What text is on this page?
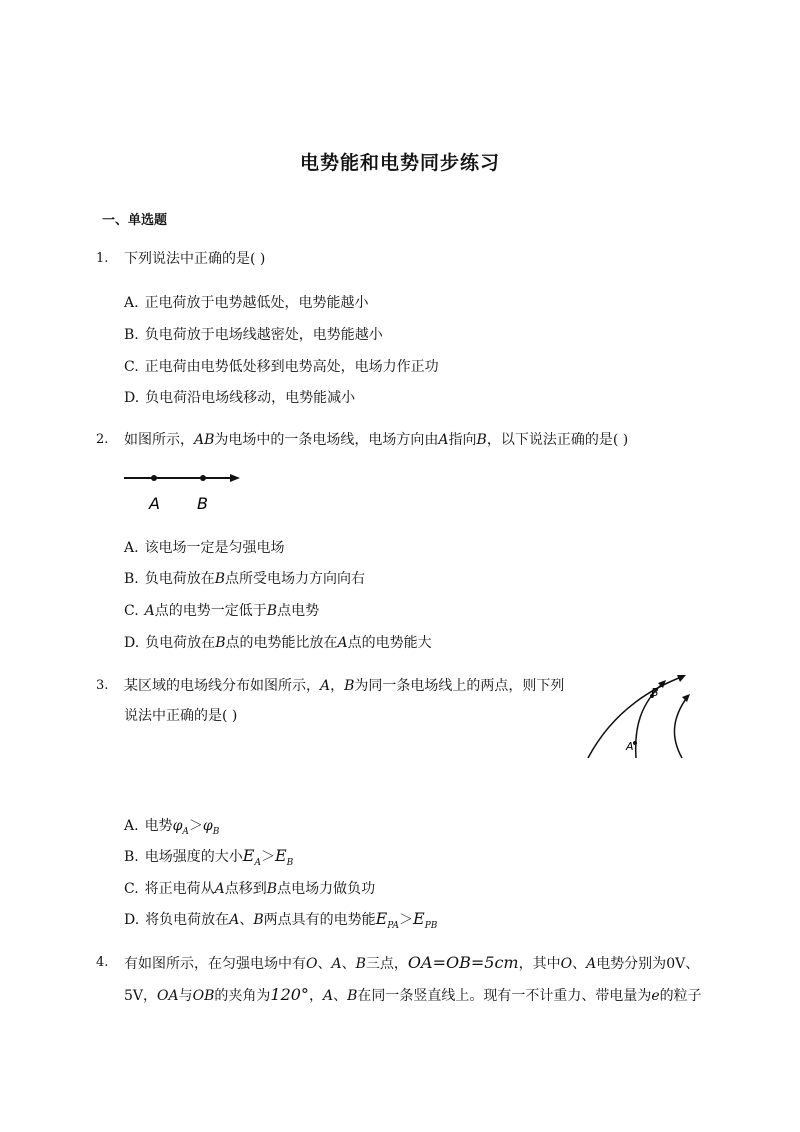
电势能和电势同步练习
一、单选题
1. 下列说法中正确的是( )
A. 正电荷放于电势越低处，电势能越小
B. 负电荷放于电场线越密处，电势能越小
C. 正电荷由电势低处移到电势高处，电场力作正功
D. 负电荷沿电场线移动，电势能减小
2. 如图所示，AB为电场中的一条电场线，电场方向由A指向B，以下说法正确的是( )
A B
A. 该电场一定是匀强电场
B. 负电荷放在B点所受电场力方向向右
C. A点的电势一定低于B点电势
D. 负电荷放在B点的电势能比放在A点的电势能大
3. 某区域的电场线分布如图所示，A，B为同一条电场线上的两点，则下列
说法中正确的是( )
A
B
A. 电势$\varphi_A>\varphi_B$
B. 电场强度的大小$E_A>E_B$
C. 将正电荷从A点移到B点电场力做负功
D. 将负电荷放在A、B两点具有的电势能$E_{PA}>E_{PB}$
4. 有如图所示，在匀强电场中有O、A、B三点，OA=OB=5cm，其中O、A电势分别为0V、
5V，OA与OB的夹角为120°，A、B在同一条竖直线上。现有一不计重力、带电量为e的粒子
